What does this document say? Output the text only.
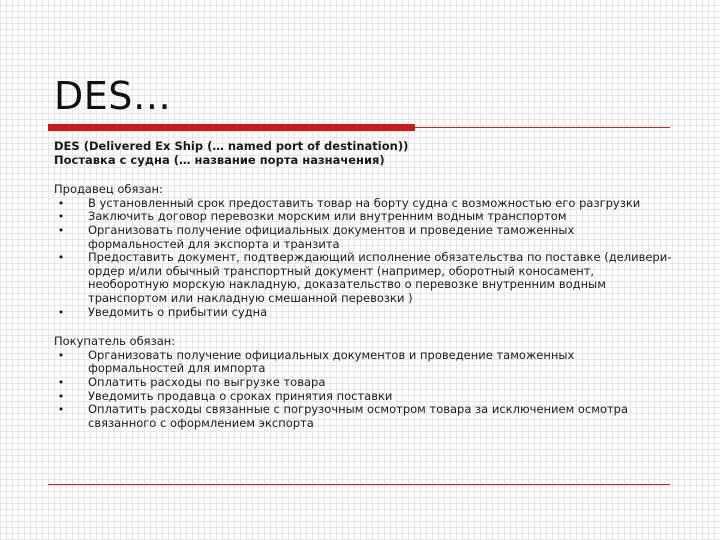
DES…
DES (Delivered Ex Ship (… named port of destination))
Поставка с судна (… название порта назначения)
Продавец обязан:
•	В установленный срок предоставить товар на борту судна с возможностью его разгрузки
•	Заключить договор перевозки морским или внутренним водным транспортом
•	Организовать получение официальных документов и проведение таможенных формальностей для экспорта и транзита
•	Предоставить документ, подтверждающий исполнение обязательства по поставке (деливери-ордер и/или обычный транспортный документ (например, оборотный коносамент, необоротную морскую накладную, доказательство о перевозке внутренним водным транспортом или накладную смешанной перевозки )
•	Уведомить о прибытии судна
Покупатель обязан:
•	Организовать получение официальных документов и проведение таможенных формальностей для импорта
•	Оплатить расходы по выгрузке товара
•	Уведомить продавца о сроках принятия поставки
•	Оплатить расходы связанные с погрузочным осмотром товара за исключением осмотра связанного с оформлением экспорта
